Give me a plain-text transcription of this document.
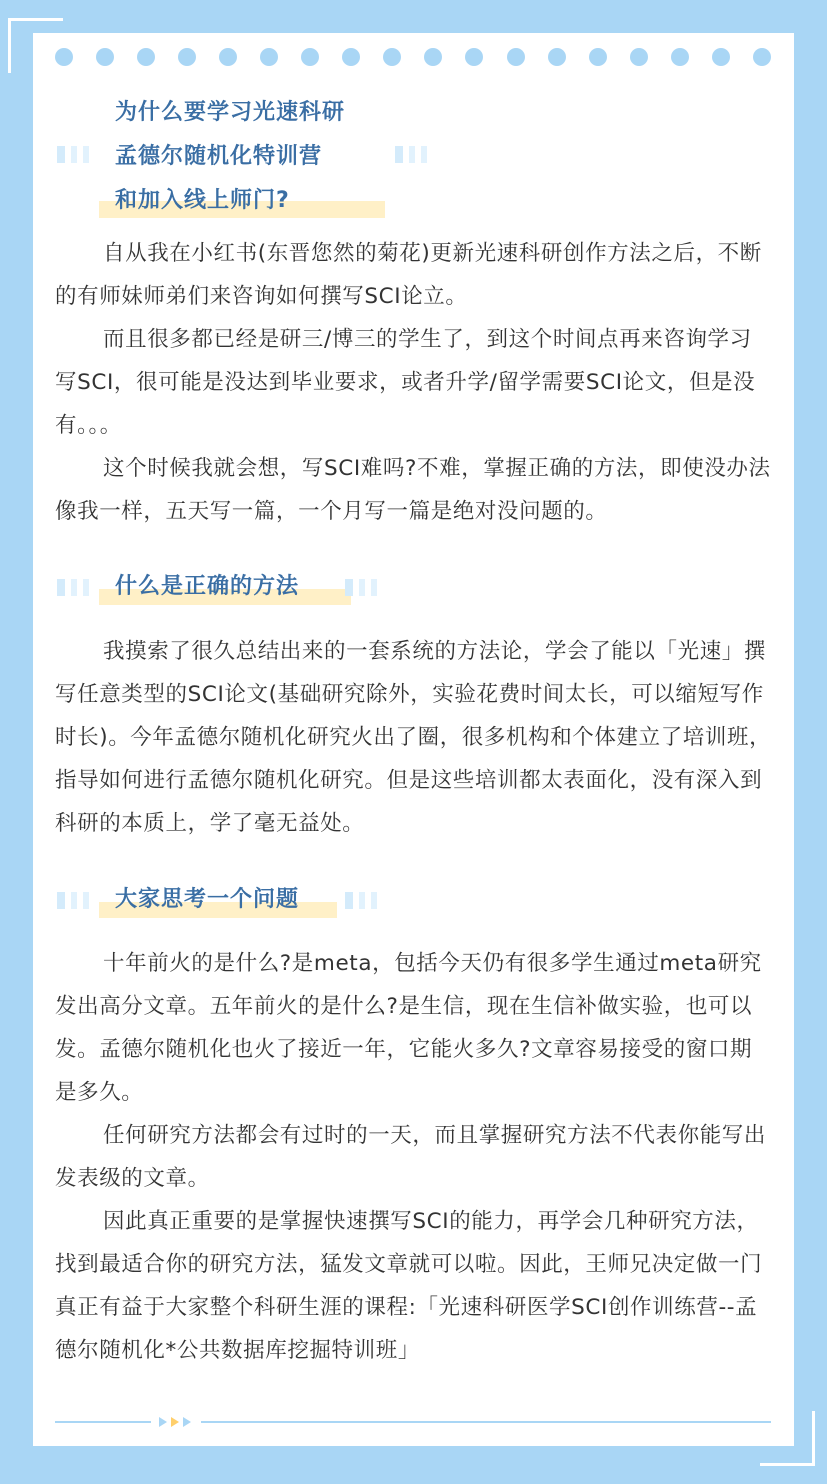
为什么要学习光速科研
孟德尔随机化特训营
和加入线上师门?

自从我在小红书(东晋您然的菊花)更新光速科研创作方法之后，不断的有师妹师弟们来咨询如何撰写SCI论立。

而且很多都已经是研三/博三的学生了，到这个时间点再来咨询学习写SCI，很可能是没达到毕业要求，或者升学/留学需要SCI论文，但是没有。。。

这个时候我就会想，写SCI难吗?不难，掌握正确的方法，即使没办法像我一样，五天写一篇，一个月写一篇是绝对没问题的。

什么是正确的方法

我摸索了很久总结出来的一套系统的方法论，学会了能以「光速」撰写任意类型的SCI论文(基础研究除外，实验花费时间太长，可以缩短写作时长)。今年孟德尔随机化研究火出了圈，很多机构和个体建立了培训班，指导如何进行孟德尔随机化研究。但是这些培训都太表面化，没有深入到科研的本质上，学了毫无益处。

大家思考一个问题

十年前火的是什么?是meta，包括今天仍有很多学生通过meta研究发出高分文章。五年前火的是什么?是生信，现在生信补做实验，也可以发。孟德尔随机化也火了接近一年，它能火多久?文章容易接受的窗口期是多久。

任何研究方法都会有过时的一天，而且掌握研究方法不代表你能写出发表级的文章。

因此真正重要的是掌握快速撰写SCI的能力，再学会几种研究方法，找到最适合你的研究方法，猛发文章就可以啦。因此，王师兄决定做一门真正有益于大家整个科研生涯的课程:「光速科研医学SCI创作训练营--孟德尔随机化*公共数据库挖掘特训班」
